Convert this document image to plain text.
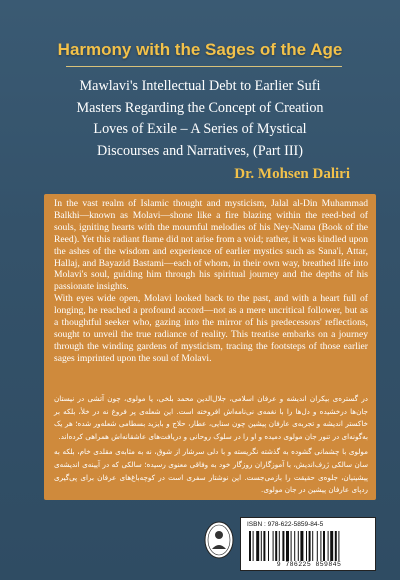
Harmony with the Sages of the Age
Mawlavi's Intellectual Debt to Earlier Sufi
Masters Regarding the Concept of Creation
Loves of Exile – A Series of Mystical
Discourses and Narratives, (Part III)
Dr. Mohsen Daliri

In the vast realm of Islamic thought and mysticism, Jalal al-Din Muhammad Balkhi—known as Molavi—shone like a fire blazing within the reed-bed of souls, igniting hearts with the mournful melodies of his Ney-Nama (Book of the Reed). Yet this radiant flame did not arise from a void; rather, it was kindled upon the ashes of the wisdom and experience of earlier mystics such as Sana'i, Attar, Hallaj, and Bayazid Bastami—each of whom, in their own way, breathed life into Molavi's soul, guiding him through his spiritual journey and the depths of his passionate insights.

With eyes wide open, Molavi looked back to the past, and with a heart full of longing, he reached a profound accord—not as a mere uncritical follower, but as a thoughtful seeker who, gazing into the mirror of his predecessors' reflections, sought to unveil the true radiance of reality. This treatise embarks on a journey through the winding gardens of mysticism, tracing the footsteps of those earlier sages imprinted upon the soul of Molavi.

در گستره‌ی بیکران اندیشه و عرفان اسلامی، جلال‌الدین محمد بلخی، یا مولوی، چون آتشی در نیستان جان‌ها درخشیده و دل‌ها را با نغمه‌ی نی‌نامه‌اش افروخته است. این شعله‌ی پر فروغ نه در خلأ، بلکه بر خاکستر اندیشه و تجربه‌ی عارفان پیشین چون سنایی، عطار، حلاج و بایزید بسطامی شعله‌ور شده؛ هر یک به‌گونه‌ای در تنور جان مولوی دمیده و او را در سلوک روحانی و دریافت‌های عاشقانه‌اش همراهی کرده‌اند.

مولوی با چشمانی گشوده به گذشته نگریسته و با دلی سرشار از شوق، نه به مثابه‌ی مقلدی خام، بلکه به سان سالکی ژرف‌اندیش، با آموزگاران روزگار خود به وفاقی معنوی رسیده؛ سالکی که در آیینه‌ی اندیشه‌ی پیشینیان، جلوه‌ی حقیقت را بازمی‌جست. این نوشتار سفری است در کوچه‌باغ‌های عرفان برای پی‌گیری ردپای عارفان پیشین در جان مولوی.

ISBN : 978-622-5859-84-5
9 786225 859845
